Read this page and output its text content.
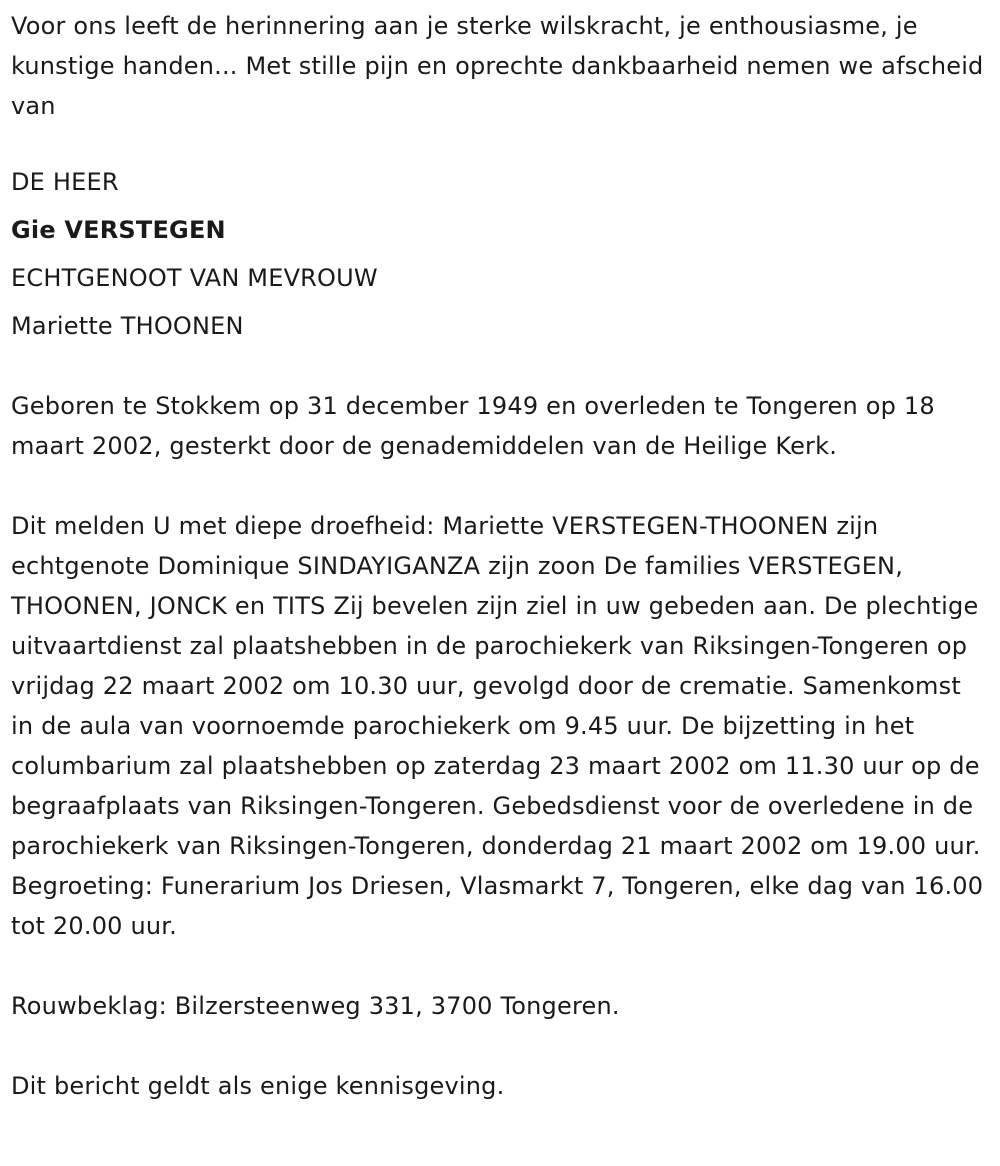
Voor ons leeft de herinnering aan je sterke wilskracht, je enthousiasme, je kunstige handen... Met stille pijn en oprechte dankbaarheid nemen we afscheid van

DE HEER
Gie VERSTEGEN
ECHTGENOOT VAN MEVROUW
Mariette THOONEN

Geboren te Stokkem op 31 december 1949 en overleden te Tongeren op 18 maart 2002, gesterkt door de genademiddelen van de Heilige Kerk.

Dit melden U met diepe droefheid: Mariette VERSTEGEN-THOONEN zijn echtgenote Dominique SINDAYIGANZA zijn zoon De families VERSTEGEN, THOONEN, JONCK en TITS Zij bevelen zijn ziel in uw gebeden aan. De plechtige uitvaartdienst zal plaatshebben in de parochiekerk van Riksingen-Tongeren op vrijdag 22 maart 2002 om 10.30 uur, gevolgd door de crematie. Samenkomst in de aula van voornoemde parochiekerk om 9.45 uur. De bijzetting in het columbarium zal plaatshebben op zaterdag 23 maart 2002 om 11.30 uur op de begraafplaats van Riksingen-Tongeren. Gebedsdienst voor de overledene in de parochiekerk van Riksingen-Tongeren, donderdag 21 maart 2002 om 19.00 uur. Begroeting: Funerarium Jos Driesen, Vlasmarkt 7, Tongeren, elke dag van 16.00 tot 20.00 uur.

Rouwbeklag: Bilzersteenweg 331, 3700 Tongeren.

Dit bericht geldt als enige kennisgeving.
